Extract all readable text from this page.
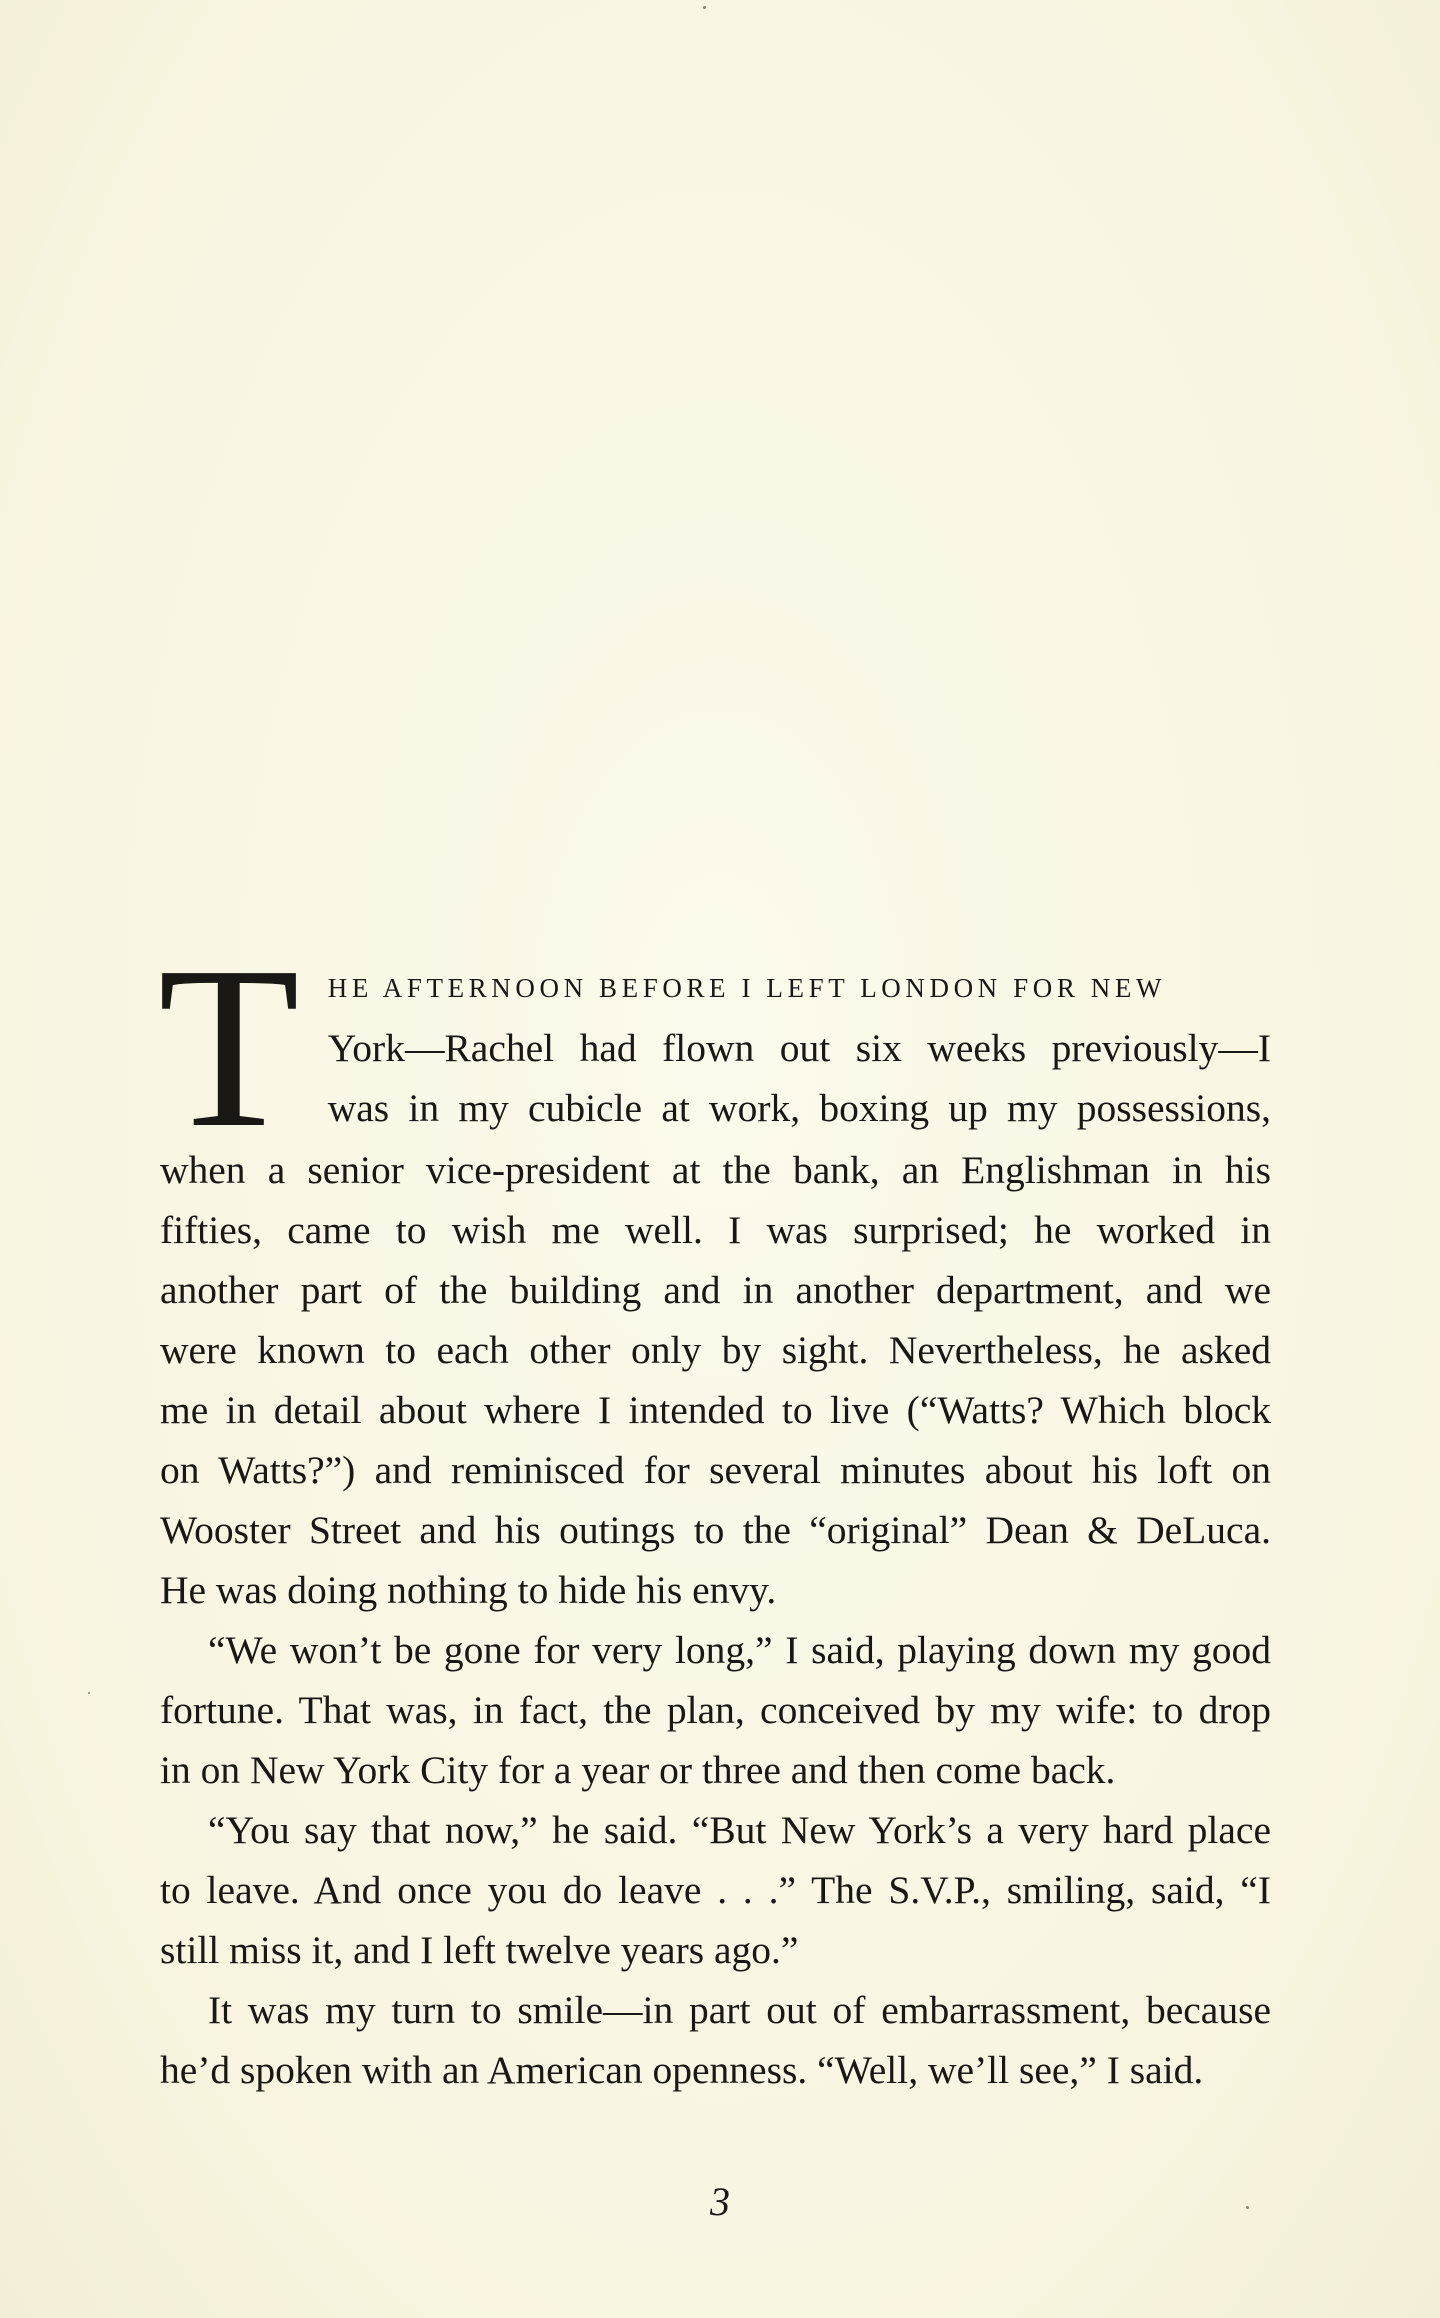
T	HE AFTERNOON BEFORE I LEFT LONDON FOR NEW
York—Rachel had flown out six weeks previously—I
was in my cubicle at work, boxing up my possessions,
when a senior vice-president at the bank, an Englishman in his
fifties, came to wish me well. I was surprised; he worked in
another part of the building and in another department, and we
were known to each other only by sight. Nevertheless, he asked
me in detail about where I intended to live (“Watts? Which block
on Watts?”) and reminisced for several minutes about his loft on
Wooster Street and his outings to the “original” Dean & DeLuca.
He was doing nothing to hide his envy.
“We won’t be gone for very long,” I said, playing down my good
fortune. That was, in fact, the plan, conceived by my wife: to drop
in on New York City for a year or three and then come back.
“You say that now,” he said. “But New York’s a very hard place
to leave. And once you do leave . . .” The S.V.P., smiling, said, “I
still miss it, and I left twelve years ago.”
It was my turn to smile—in part out of embarrassment, because
he’d spoken with an American openness. “Well, we’ll see,” I said.
3
